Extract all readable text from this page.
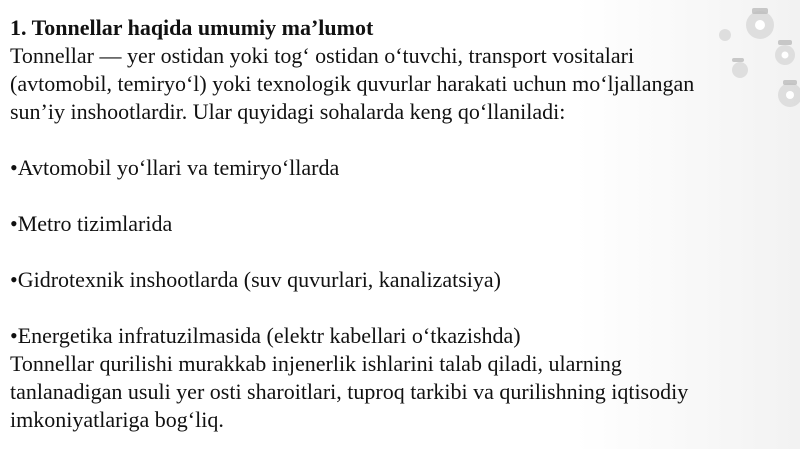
1. Tonnellar haqida umumiy ma’lumot

Tonnellar — yer ostidan yoki tog‘ ostidan o‘tuvchi, transport vositalari

(avtomobil, temiryo‘l) yoki texnologik quvurlar harakati uchun mo‘ljallangan

sun’iy inshootlardir. Ular quyidagi sohalarda keng qo‘llaniladi:

•Avtomobil yo‘llari va temiryo‘llarda

•Metro tizimlarida

•Gidrotexnik inshootlarda (suv quvurlari, kanalizatsiya)

•Energetika infratuzilmasida (elektr kabellari o‘tkazishda)

Tonnellar qurilishi murakkab injenerlik ishlarini talab qiladi, ularning

tanlanadigan usuli yer osti sharoitlari, tuproq tarkibi va qurilishning iqtisodiy

imkoniyatlariga bog‘liq.
